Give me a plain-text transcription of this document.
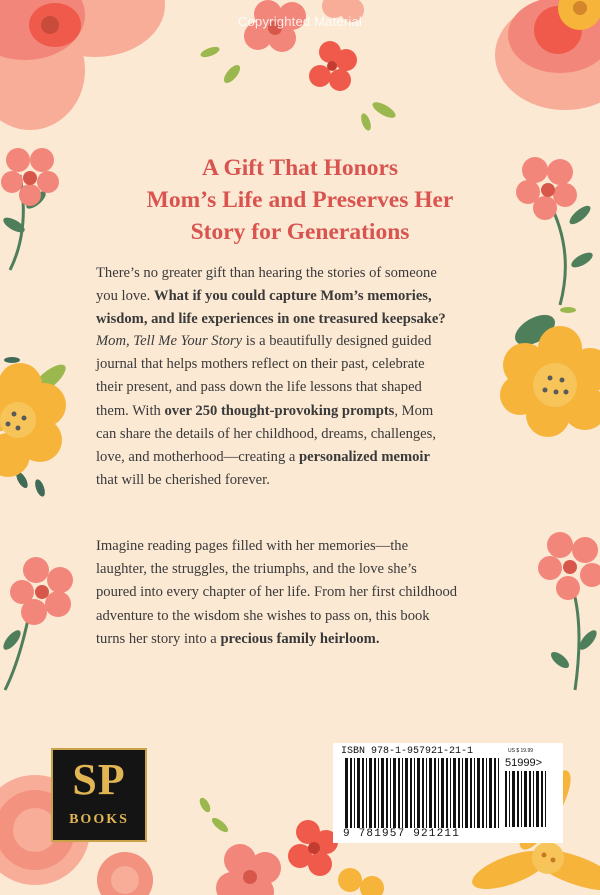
Copyrighted Material
A Gift That Honors
Mom’s Life and Preserves Her
Story for Generations
There’s no greater gift than hearing the stories of someone
you love. What if you could capture Mom’s memories,
wisdom, and life experiences in one treasured keepsake?
Mom, Tell Me Your Story is a beautifully designed guided
journal that helps mothers reflect on their past, celebrate
their present, and pass down the life lessons that shaped
them. With over 250 thought-provoking prompts, Mom
can share the details of her childhood, dreams, challenges,
love, and motherhood—creating a personalized memoir
that will be cherished forever.
Imagine reading pages filled with her memories—the
laughter, the struggles, the triumphs, and the love she’s
poured into every chapter of her life. From her first childhood
adventure to the wisdom she wishes to pass on, this book
turns her story into a precious family heirloom.
SP
BOOKS
ISBN 978-1-957921-21-1	US $ 19.99
51999>
9 781957 921211
